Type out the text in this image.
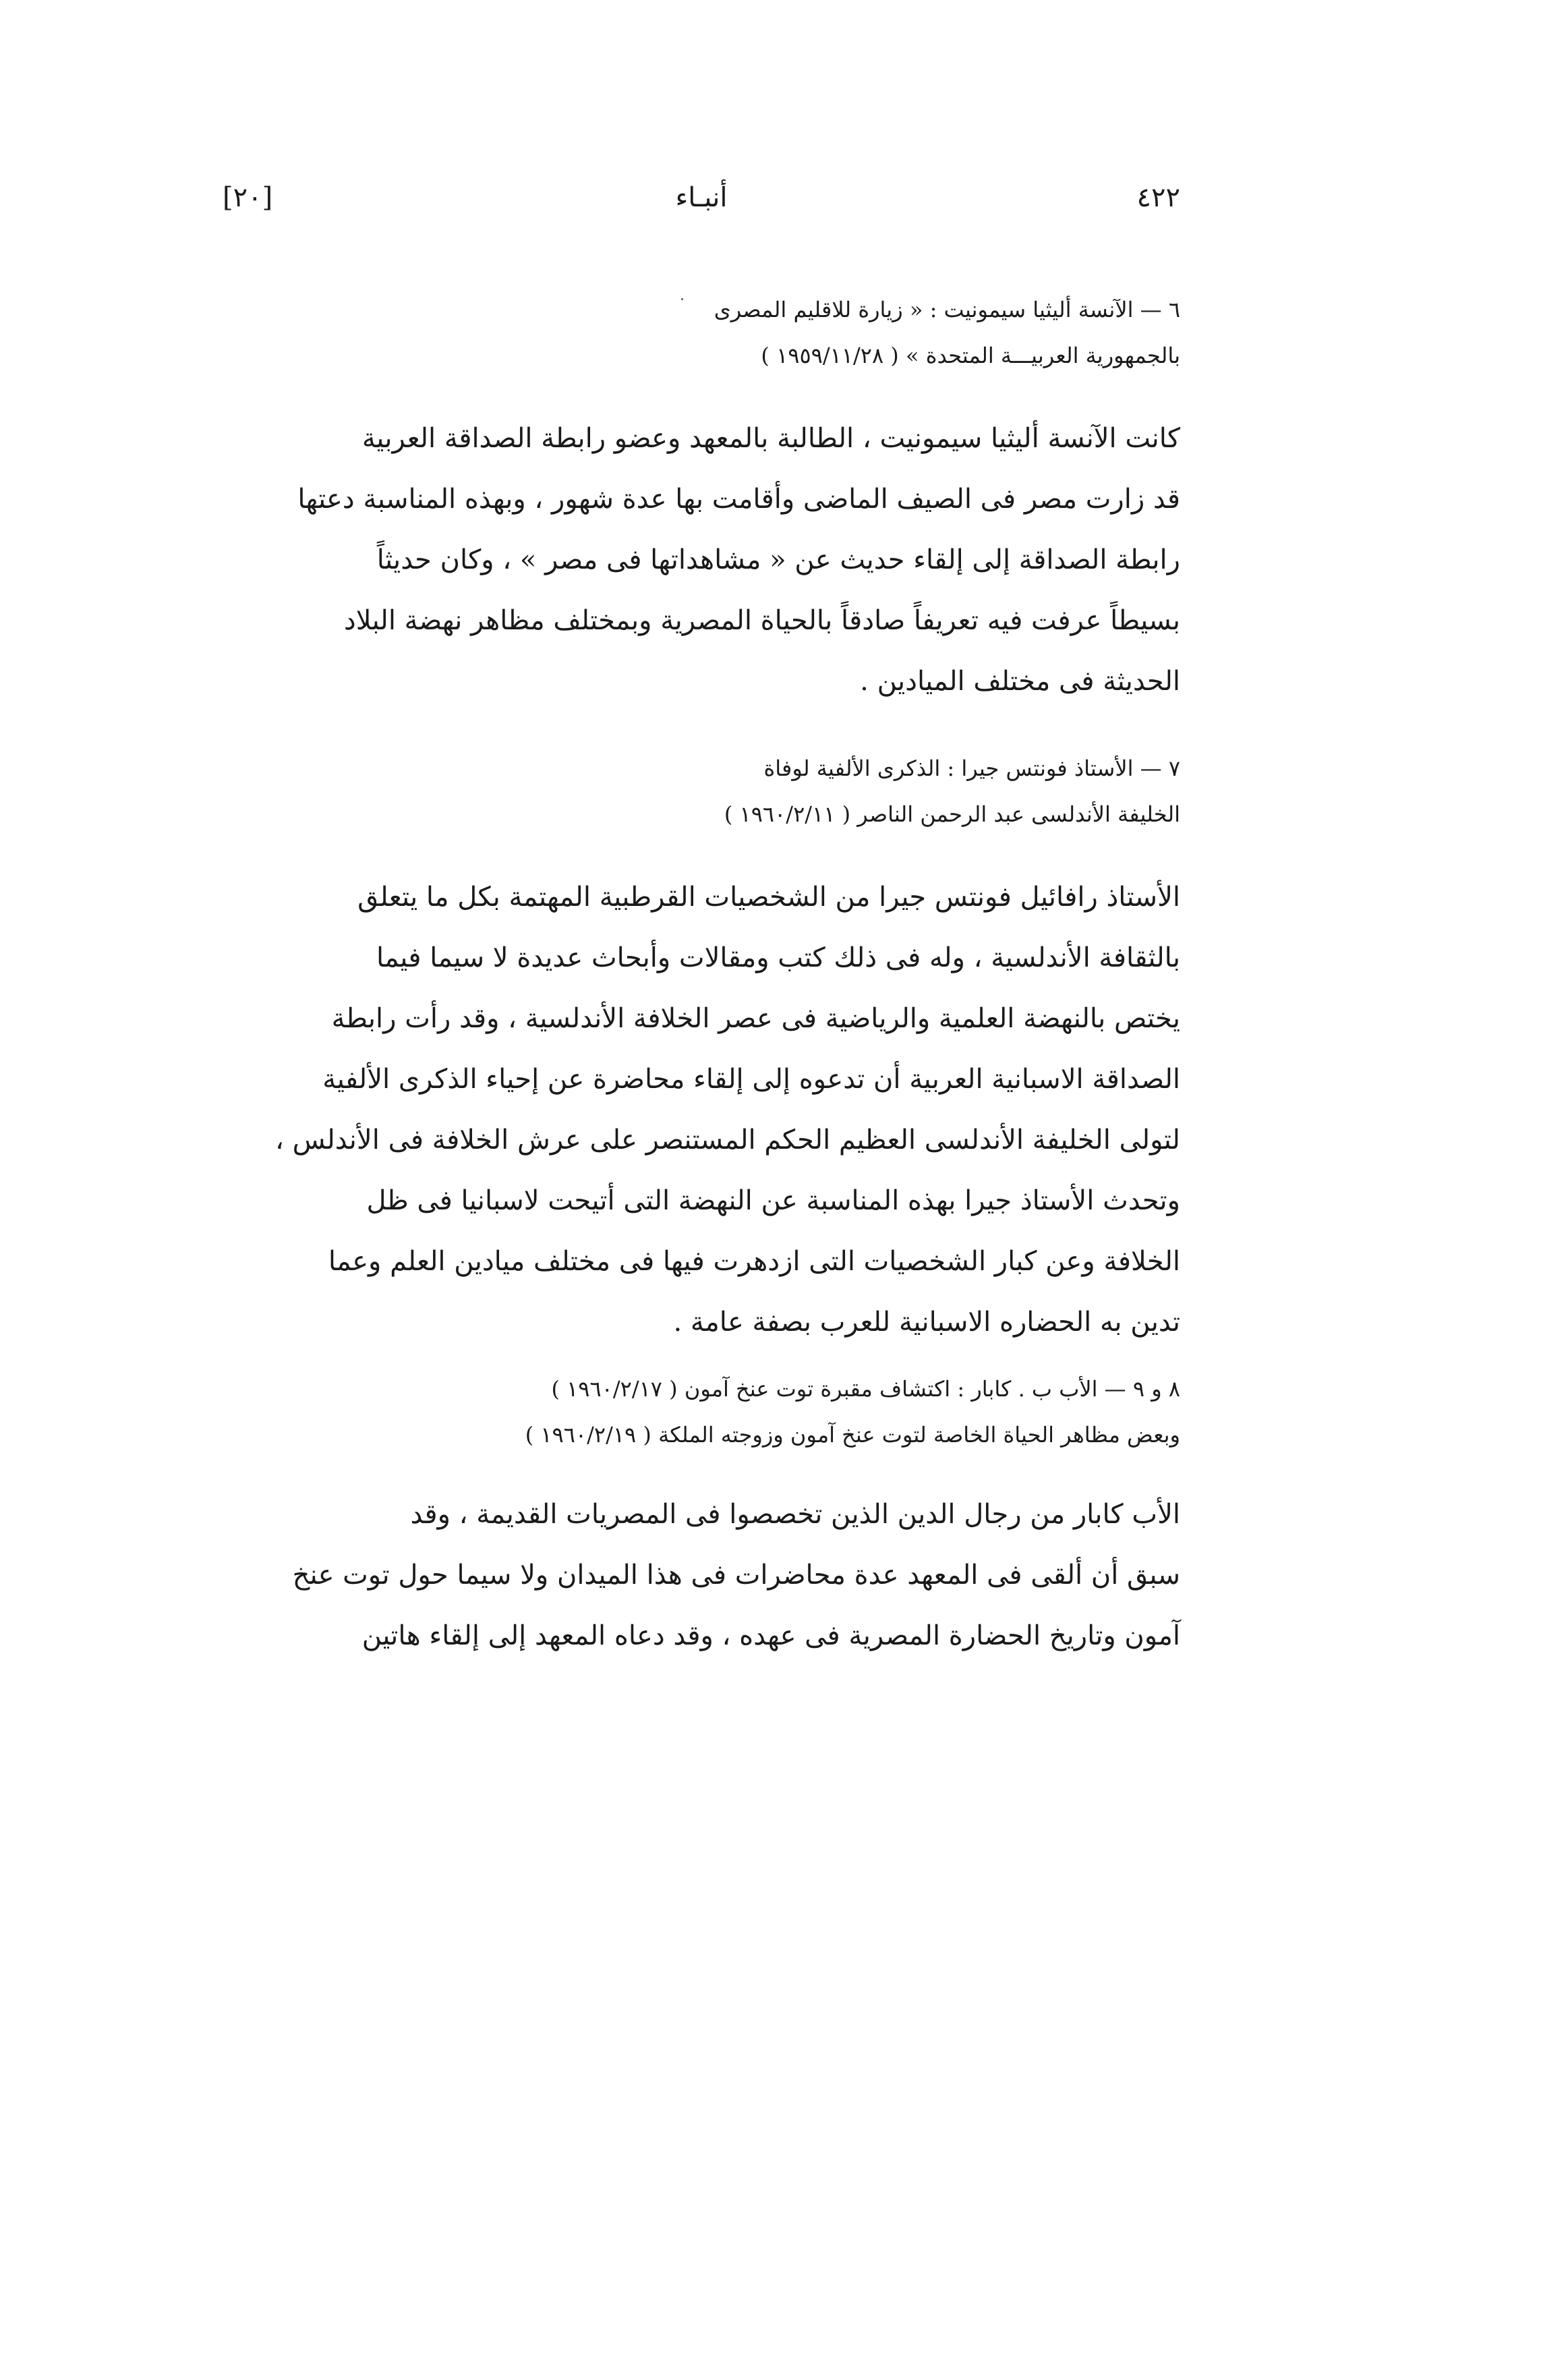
[٢٠]	أنبـاء	٤٢٢
٦ — الآنسة أليثيا سيمونيت : « زيارة للاقليم المصرى
بالجمهورية العربيـــة المتحدة » ( ١٩٥٩/١١/٢٨ )
كانت الآنسة أليثيا سيمونيت ، الطالبة بالمعهد وعضو رابطة الصداقة العربية
قد زارت مصر فى الصيف الماضى وأقامت بها عدة شهور ، وبهذه المناسبة دعتها
رابطة الصداقة إلى إلقاء حديث عن « مشاهداتها فى مصر » ، وكان حديثاً
بسيطاً عرفت فيه تعريفاً صادقاً بالحياة المصرية وبمختلف مظاهر نهضة البلاد
الحديثة فى مختلف الميادين .
٧ — الأستاذ فونتس جيرا : الذكرى الألفية لوفاة
الخليفة الأندلسى عبد الرحمن الناصر ( ١٩٦٠/٢/١١ )
الأستاذ رافائيل فونتس جيرا من الشخصيات القرطبية المهتمة بكل ما يتعلق
بالثقافة الأندلسية ، وله فى ذلك كتب ومقالات وأبحاث عديدة لا سيما فيما
يختص بالنهضة العلمية والرياضية فى عصر الخلافة الأندلسية ، وقد رأت رابطة
الصداقة الاسبانية العربية أن تدعوه إلى إلقاء محاضرة عن إحياء الذكرى الألفية
لتولى الخليفة الأندلسى العظيم الحكم المستنصر على عرش الخلافة فى الأندلس ،
وتحدث الأستاذ جيرا بهذه المناسبة عن النهضة التى أتيحت لاسبانيا فى ظل
الخلافة وعن كبار الشخصيات التى ازدهرت فيها فى مختلف ميادين العلم وعما
تدين به الحضاره الاسبانية للعرب بصفة عامة .
٨ و ٩ — الأب ب . كابار : اكتشاف مقبرة توت عنخ آمون ( ١٩٦٠/٢/١٧ )
وبعض مظاهر الحياة الخاصة لتوت عنخ آمون وزوجته الملكة ( ١٩٦٠/٢/١٩ )
الأب كابار من رجال الدين الذين تخصصوا فى المصريات القديمة ، وقد
سبق أن ألقى فى المعهد عدة محاضرات فى هذا الميدان ولا سيما حول توت عنخ
آمون وتاريخ الحضارة المصرية فى عهده ، وقد دعاه المعهد إلى إلقاء هاتين
